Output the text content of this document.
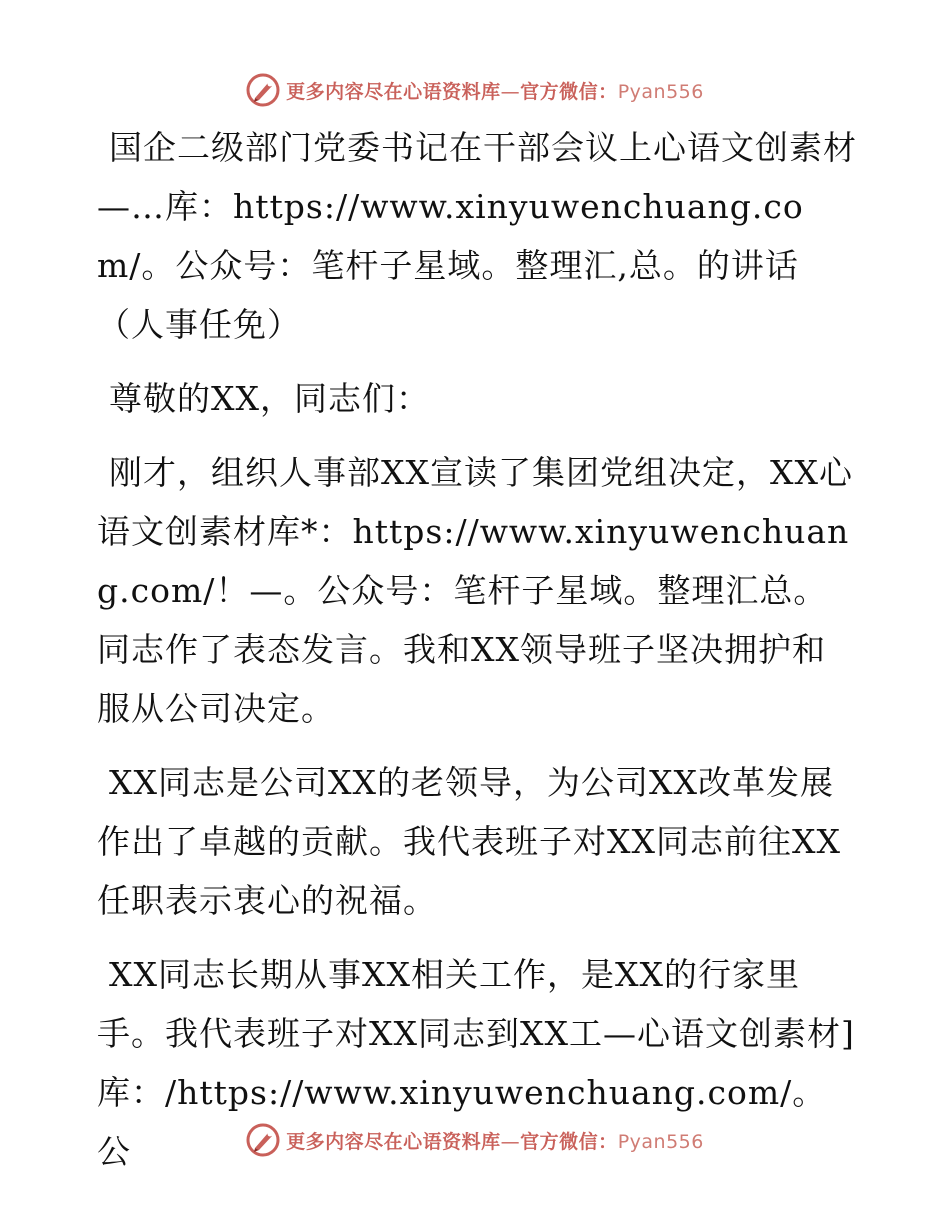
更多内容尽在心语资料库—官方微信：Pyan556

国企二级部门党委书记在干部会议上心语文创素材—…库：https://www.xinyuwenchuang.com/。公众号：笔杆子星域。整理汇,总。的讲话（人事任免）

尊敬的XX，同志们：

刚才，组织人事部XX宣读了集团党组决定，XX心语文创素材库*：https://www.xinyuwenchuang.com/！—。公众号：笔杆子星域。整理汇总。同志作了表态发言。我和XX领导班子坚决拥护和服从公司决定。

XX同志是公司XX的老领导，为公司XX改革发展作出了卓越的贡献。我代表班子对XX同志前往XX任职表示衷心的祝福。

XX同志长期从事XX相关工作，是XX的行家里手。我代表班子对XX同志到XX工—心语文创素材]库：/https://www.xinyuwenchuang.com/。公	更多内容尽在心语资料库—官方微信：Pyan556
